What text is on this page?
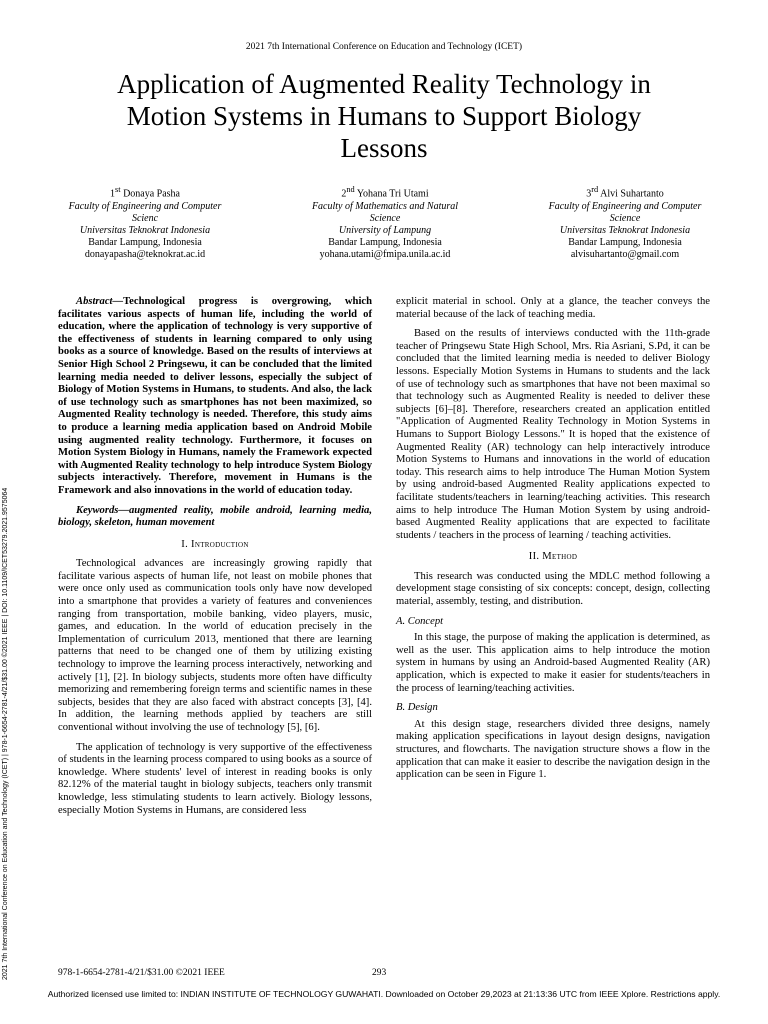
2021 7th International Conference on Education and Technology (ICET)
Application of Augmented Reality Technology in
Motion Systems in Humans to Support Biology
Lessons
1st Donaya Pasha
Faculty of Engineering and Computer
Scienc
Universitas Teknokrat Indonesia
Bandar Lampung, Indonesia
donayapasha@teknokrat.ac.id
2nd Yohana Tri Utami
Faculty of Mathematics and Natural
Science
University of Lampung
Bandar Lampung, Indonesia
yohana.utami@fmipa.unila.ac.id
3rd Alvi Suhartanto
Faculty of Engineering and Computer
Science
Universitas Teknokrat Indonesia
Bandar Lampung, Indonesia
alvisuhartanto@gmail.com
2021 7th International Conference on Education and Technology (ICET) | 978-1-6654-2781-4/21/$31.00 ©2021 IEEE | DOI: 10.1109/ICET53279.2021.9575064

Abstract—Technological progress is overgrowing, which facilitates various aspects of human life, including the world of education, where the application of technology is very supportive of the effectiveness of students in learning compared to only using books as a source of knowledge. Based on the results of interviews at Senior High School 2 Pringsewu, it can be concluded that the limited learning media needed to deliver lessons, especially the subject of Biology of Motion Systems in Humans, to students. And also, the lack of use technology such as smartphones has not been maximized, so Augmented Reality technology is needed. Therefore, this study aims to produce a learning media application based on Android Mobile using augmented reality technology. Furthermore, it focuses on Motion System Biology in Humans, namely the Framework expected with Augmented Reality technology to help introduce System Biology subjects interactively. Therefore, movement in Humans is the Framework and also innovations in the world of education today.

Keywords—augmented reality, mobile android, learning media, biology, skeleton, human movement

I. Introduction

Technological advances are increasingly growing rapidly that facilitate various aspects of human life, not least on mobile phones that were once only used as communication tools only have now developed into a smartphone that provides a variety of features and conveniences ranging from transportation, mobile banking, video players, music, games, and education. In the world of education precisely in the Implementation of curriculum 2013, mentioned that there are learning patterns that need to be changed one of them by utilizing existing technology to improve the learning process interactively, networking and actively [1], [2]. In biology subjects, students more often have difficulty memorizing and remembering foreign terms and scientific names in these subjects, besides that they are also faced with abstract concepts [3], [4]. In addition, the learning methods applied by teachers are still conventional without involving the use of technology [5], [6].

The application of technology is very supportive of the effectiveness of students in the learning process compared to using books as a source of knowledge. Where students' level of interest in reading books is only 82.12% of the material taught in biology subjects, teachers only transmit knowledge, less stimulating students to learn actively. Biology lessons, especially Motion Systems in Humans, are considered less

explicit material in school. Only at a glance, the teacher conveys the material because of the lack of teaching media.

Based on the results of interviews conducted with the 11th-grade teacher of Pringsewu State High School, Mrs. Ria Asriani, S.Pd, it can be concluded that the limited learning media is needed to deliver Biology lessons. Especially Motion Systems in Humans to students and the lack of use of technology such as smartphones that have not been maximal so that technology such as Augmented Reality is needed to deliver these subjects [6]–[8]. Therefore, researchers created an application entitled "Application of Augmented Reality Technology in Motion Systems in Humans to Support Biology Lessons." It is hoped that the existence of Augmented Reality (AR) technology can help interactively introduce Motion Systems to Humans and innovations in the world of education today. This research aims to help introduce The Human Motion System by using android-based Augmented Reality applications expected to facilitate students/teachers in learning/teaching activities. This research aims to help introduce The Human Motion System by using android-based Augmented Reality applications that are expected to facilitate students / teachers in the process of learning / teaching activities.

II. Method

This research was conducted using the MDLC method following a development stage consisting of six concepts: concept, design, collecting material, assembly, testing, and distribution.

A. Concept

In this stage, the purpose of making the application is determined, as well as the user. This application aims to help introduce the motion system in humans by using an Android-based Augmented Reality (AR) application, which is expected to make it easier for students/teachers in the process of learning/teaching activities.

B. Design

At this design stage, researchers divided three designs, namely making application specifications in layout design designs, navigation structures, and flowcharts. The navigation structure shows a flow in the application that can make it easier to describe the navigation design in the application can be seen in Figure 1.

978-1-6654-2781-4/21/$31.00 ©2021 IEEE	293
Authorized licensed use limited to: INDIAN INSTITUTE OF TECHNOLOGY GUWAHATI. Downloaded on October 29,2023 at 21:13:36 UTC from IEEE Xplore. Restrictions apply.
